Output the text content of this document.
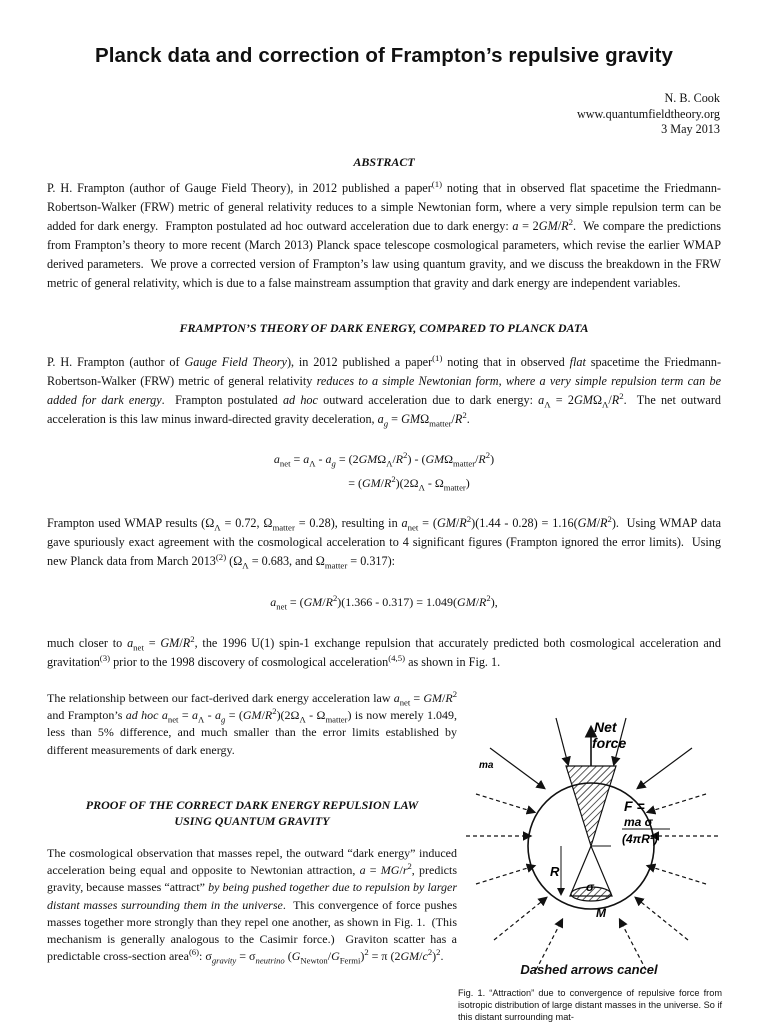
Planck data and correction of Frampton’s repulsive gravity
N. B. Cook
www.quantumfieldtheory.org
3 May 2013
ABSTRACT

P. H. Frampton (author of Gauge Field Theory), in 2012 published a paper$^{(1)}$ noting that in observed flat spacetime the Friedmann-Robertson-Walker (FRW) metric of general relativity reduces to a simple Newtonian form, where a very simple repulsion term can be added for dark energy.  Frampton postulated ad hoc outward acceleration due to dark energy: $a = 2GM/R^2$.  We compare the predictions from Frampton’s theory to more recent (March 2013) Planck space telescope cosmological parameters, which revise the earlier WMAP derived parameters.  We prove a corrected version of Frampton’s law using quantum gravity, and we discuss the breakdown in the FRW metric of general relativity, which is due to a false mainstream assumption that gravity and dark energy are independent variables.

FRAMPTON’S THEORY OF DARK ENERGY, COMPARED TO PLANCK DATA

P. H. Frampton (author of Gauge Field Theory), in 2012 published a paper$^{(1)}$ noting that in observed flat spacetime the Friedmann-Robertson-Walker (FRW) metric of general relativity reduces to a simple Newtonian form, where a very simple repulsion term can be added for dark energy.  Frampton postulated ad hoc outward acceleration due to dark energy: $a_\Lambda = 2GM\Omega_\Lambda/R^2$.  The net outward acceleration is this law minus inward-directed gravity deceleration, $a_g = GM\Omega_{matter}/R^2$.

$a_{net} = a_\Lambda - a_g = (2GM\Omega_\Lambda/R^2) - (GM\Omega_{matter}/R^2)$
= $(GM/R^2)(2\Omega_\Lambda - \Omega_{matter})$

Frampton used WMAP results ($\Omega_\Lambda = 0.72$, $\Omega_{matter} = 0.28$), resulting in $a_{net} = (GM/R^2)(1.44 - 0.28) = 1.16(GM/R^2)$.  Using WMAP data gave spuriously exact agreement with the cosmological acceleration to 4 significant figures (Frampton ignored the error limits).  Using new Planck data from March 2013$^{(2)}$ ($\Omega_\Lambda = 0.683$, and $\Omega_{matter} = 0.317$):

$a_{net} = (GM/R^2)(1.366 - 0.317) = 1.049(GM/R^2)$,

much closer to $a_{net} = GM/R^2$, the 1996 U(1) spin-1 exchange repulsion that accurately predicted both cosmological acceleration and gravitation$^{(3)}$ prior to the 1998 discovery of cosmological acceleration$^{(4,5)}$ as shown in Fig. 1.

The relationship between our fact-derived dark energy acceleration law $a_{net} = GM/R^2$ and Frampton’s ad hoc $a_{net} = a_\Lambda - a_g = (GM/R^2)(2\Omega_\Lambda - \Omega_{matter})$ is now merely 1.049, less than 5% difference, and much smaller than the error limits established by different measurements of dark energy.

PROOF OF THE CORRECT DARK ENERGY REPULSION LAW
USING QUANTUM GRAVITY

The cosmological observation that masses repel, the outward “dark energy” induced acceleration being equal and opposite to Newtonian attraction, $a = MG/r^2$, predicts gravity, because masses “attract” by being pushed together due to repulsion by larger distant masses surrounding them in the universe.  This convergence of force pushes masses together more strongly than they repel one another, as shown in Fig. 1.  (This mechanism is generally analogous to the Casimir force.)  Graviton scatter has a predictable cross-section area$^{(6)}$: $\sigma_{gravity} = \sigma_{neutrino}$ $(G_{Newton}/G_{Fermi})^2 = \pi$ $(2GM/c^2)^2$.

ma
Net
force
F =
ma σ
(4πR²)
R
σ
M
Dashed arrows cancel

Fig. 1. “Attraction” due to convergence of repulsive force from isotropic distribution of large distant masses in the universe. So if this distant surrounding mat-
